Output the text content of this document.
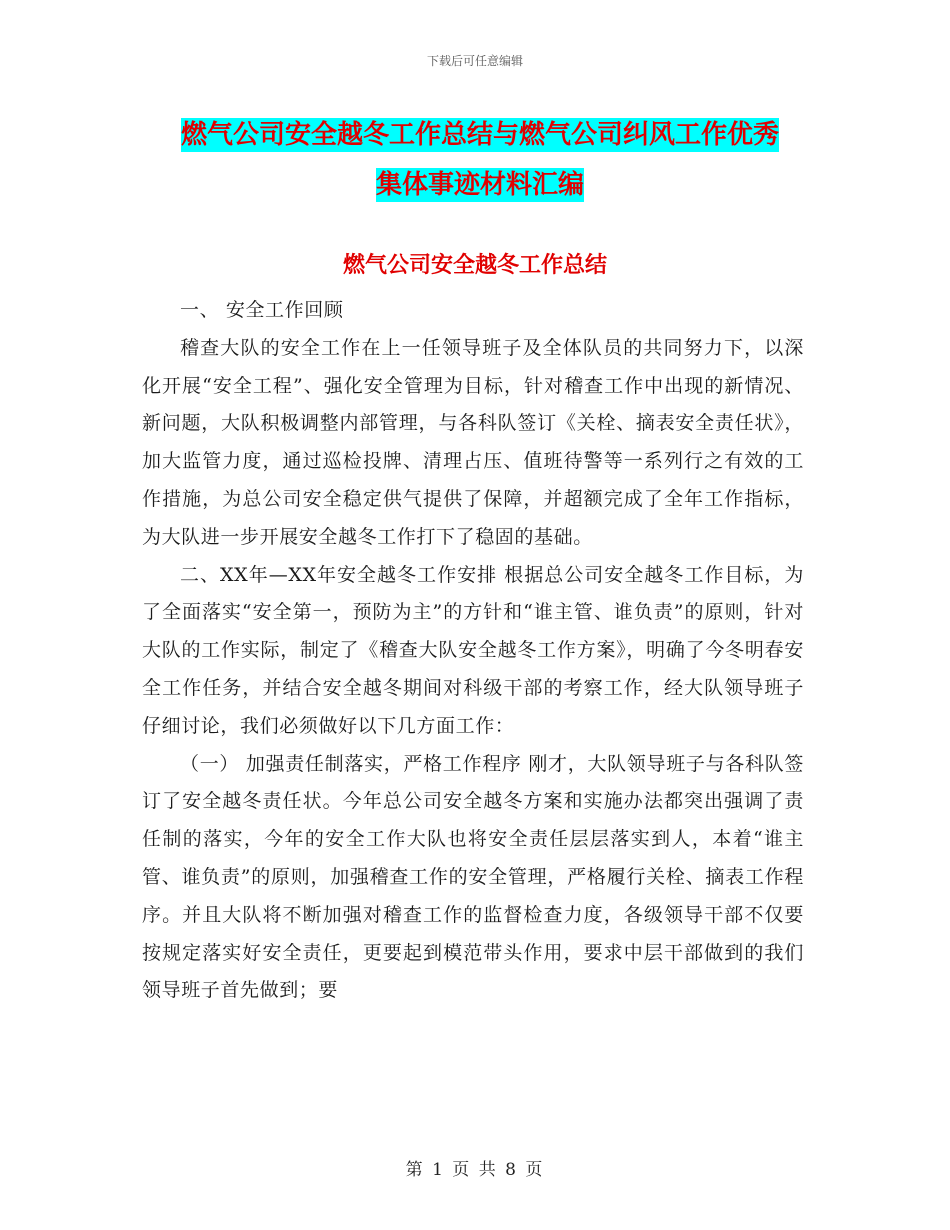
下载后可任意编辑
燃气公司安全越冬工作总结与燃气公司纠风工作优秀
集体事迹材料汇编
燃气公司安全越冬工作总结

一、 安全工作回顾

稽查大队的安全工作在上一任领导班子及全体队员的共同努力下，以深化开展“安全工程”、强化安全管理为目标，针对稽查工作中出现的新情况、新问题，大队积极调整内部管理，与各科队签订《关栓、摘表安全责任状》，加大监管力度，通过巡检投牌、清理占压、值班待警等一系列行之有效的工作措施，为总公司安全稳定供气提供了保障，并超额完成了全年工作指标，为大队进一步开展安全越冬工作打下了稳固的基础。

二、XX年—XX年安全越冬工作安排 根据总公司安全越冬工作目标，为了全面落实“安全第一，预防为主”的方针和“谁主管、谁负责”的原则，针对大队的工作实际，制定了《稽查大队安全越冬工作方案》，明确了今冬明春安全工作任务，并结合安全越冬期间对科级干部的考察工作，经大队领导班子仔细讨论，我们必须做好以下几方面工作：

（一） 加强责任制落实，严格工作程序 刚才，大队领导班子与各科队签订了安全越冬责任状。今年总公司安全越冬方案和实施办法都突出强调了责任制的落实，今年的安全工作大队也将安全责任层层落实到人，本着“谁主管、谁负责”的原则，加强稽查工作的安全管理，严格履行关栓、摘表工作程序。并且大队将不断加强对稽查工作的监督检查力度，各级领导干部不仅要按规定落实好安全责任，更要起到模范带头作用，要求中层干部做到的我们领导班子首先做到；要

第 1 页 共 8 页
